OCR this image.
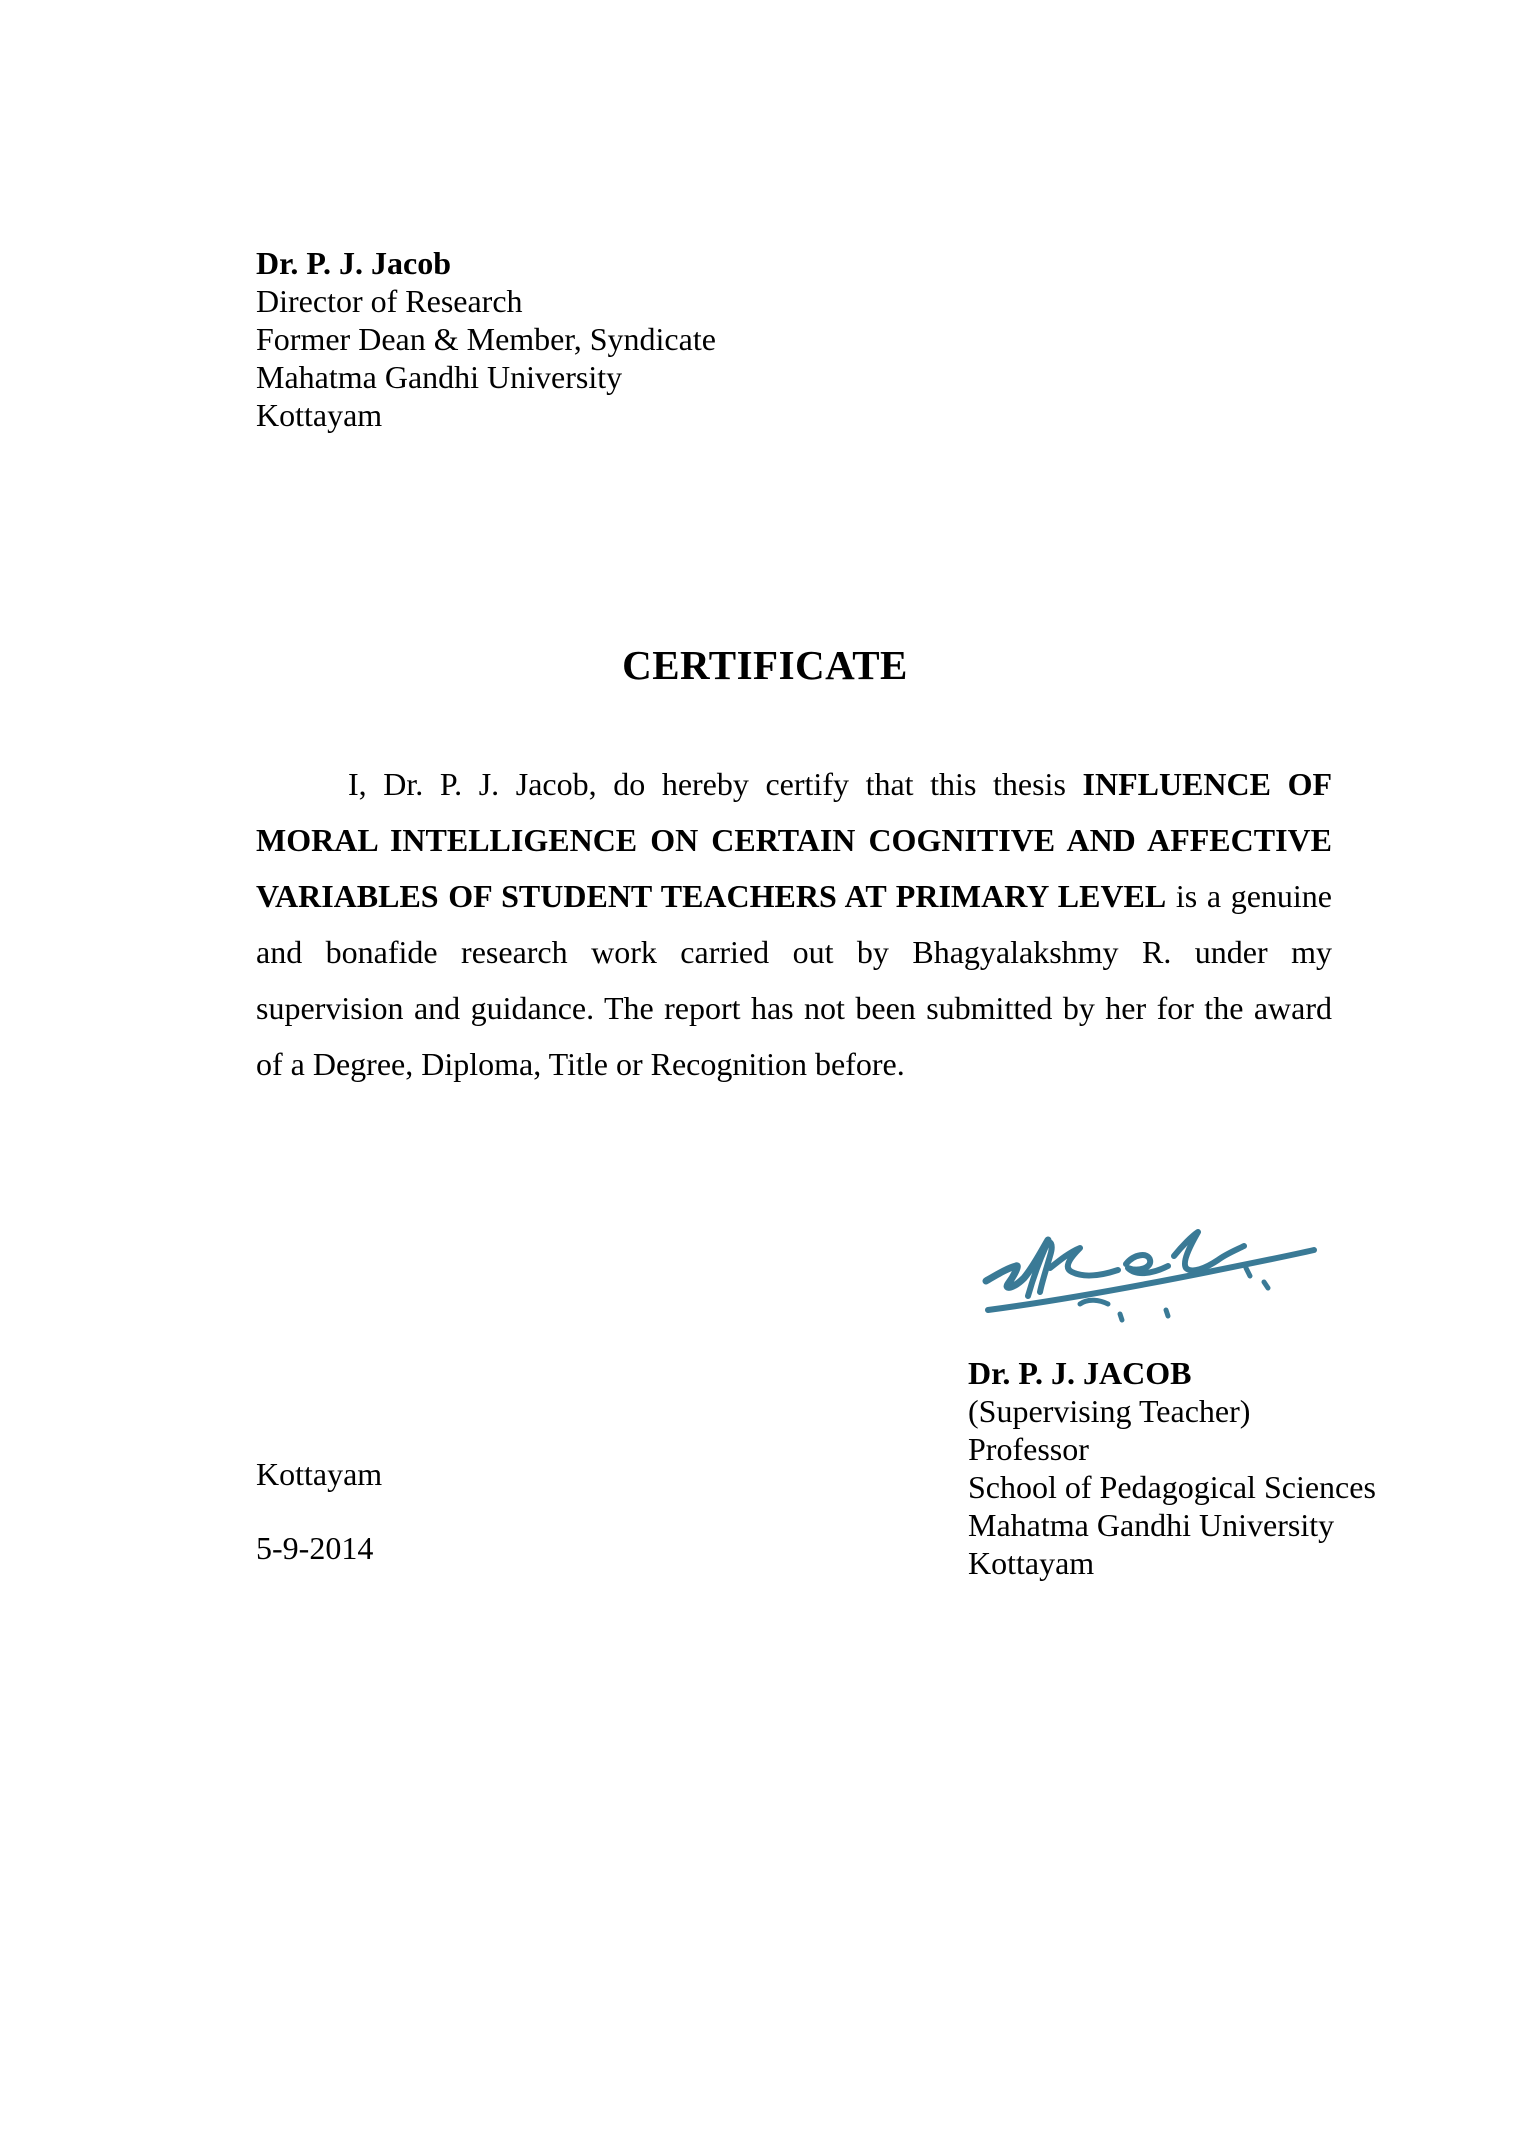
Dr. P. J. Jacob
Director of Research
Former Dean & Member, Syndicate
Mahatma Gandhi University
Kottayam
CERTIFICATE
I, Dr. P. J. Jacob, do hereby certify that this thesis INFLUENCE OF MORAL INTELLIGENCE ON CERTAIN COGNITIVE AND AFFECTIVE VARIABLES OF STUDENT TEACHERS AT PRIMARY LEVEL is a genuine and bonafide research work carried out by Bhagyalakshmy R. under my supervision and guidance. The report has not been submitted by her for the award of a Degree, Diploma, Title or Recognition before.
Kottayam
5-9-2014
Dr. P. J. JACOB
(Supervising Teacher)
Professor
School of Pedagogical Sciences
Mahatma Gandhi University
Kottayam
